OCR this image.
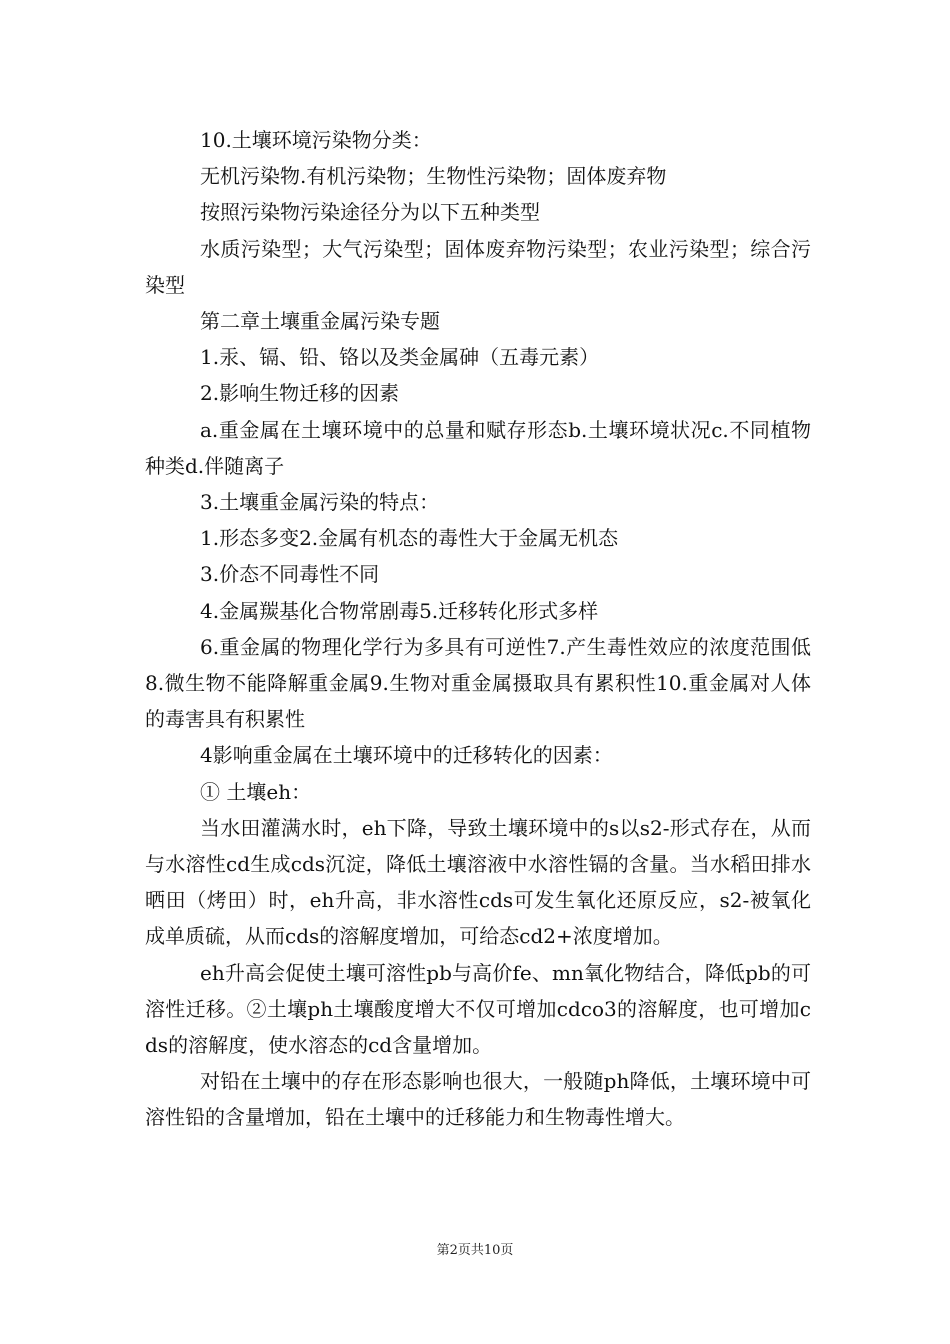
10.土壤环境污染物分类：

无机污染物.有机污染物；生物性污染物；固体废弃物

按照污染物污染途径分为以下五种类型

水质污染型；大气污染型；固体废弃物污染型；农业污染型；综合污染型

第二章土壤重金属污染专题

1.汞、镉、铅、铬以及类金属砷（五毒元素）

2.影响生物迁移的因素

a.重金属在土壤环境中的总量和赋存形态b.土壤环境状况c.不同植物种类d.伴随离子

3.土壤重金属污染的特点：

1.形态多变2.金属有机态的毒性大于金属无机态

3.价态不同毒性不同

4.金属羰基化合物常剧毒5.迁移转化形式多样

6.重金属的物理化学行为多具有可逆性7.产生毒性效应的浓度范围低8.微生物不能降解重金属9.生物对重金属摄取具有累积性10.重金属对人体的毒害具有积累性

4影响重金属在土壤环境中的迁移转化的因素：

① 土壤eh：

当水田灌满水时，eh下降，导致土壤环境中的s以s2-形式存在，从而与水溶性cd生成cds沉淀，降低土壤溶液中水溶性镉的含量。当水稻田排水晒田（烤田）时，eh升高，非水溶性cds可发生氧化还原反应，s2-被氧化成单质硫，从而cds的溶解度增加，可给态cd2+浓度增加。

eh升高会促使土壤可溶性pb与高价fe、mn氧化物结合，降低pb的可溶性迁移。②土壤ph土壤酸度增大不仅可增加cdco3的溶解度，也可增加cds的溶解度，使水溶态的cd含量增加。

对铅在土壤中的存在形态影响也很大，一般随ph降低，土壤环境中可溶性铅的含量增加，铅在土壤中的迁移能力和生物毒性增大。

第2页共10页
